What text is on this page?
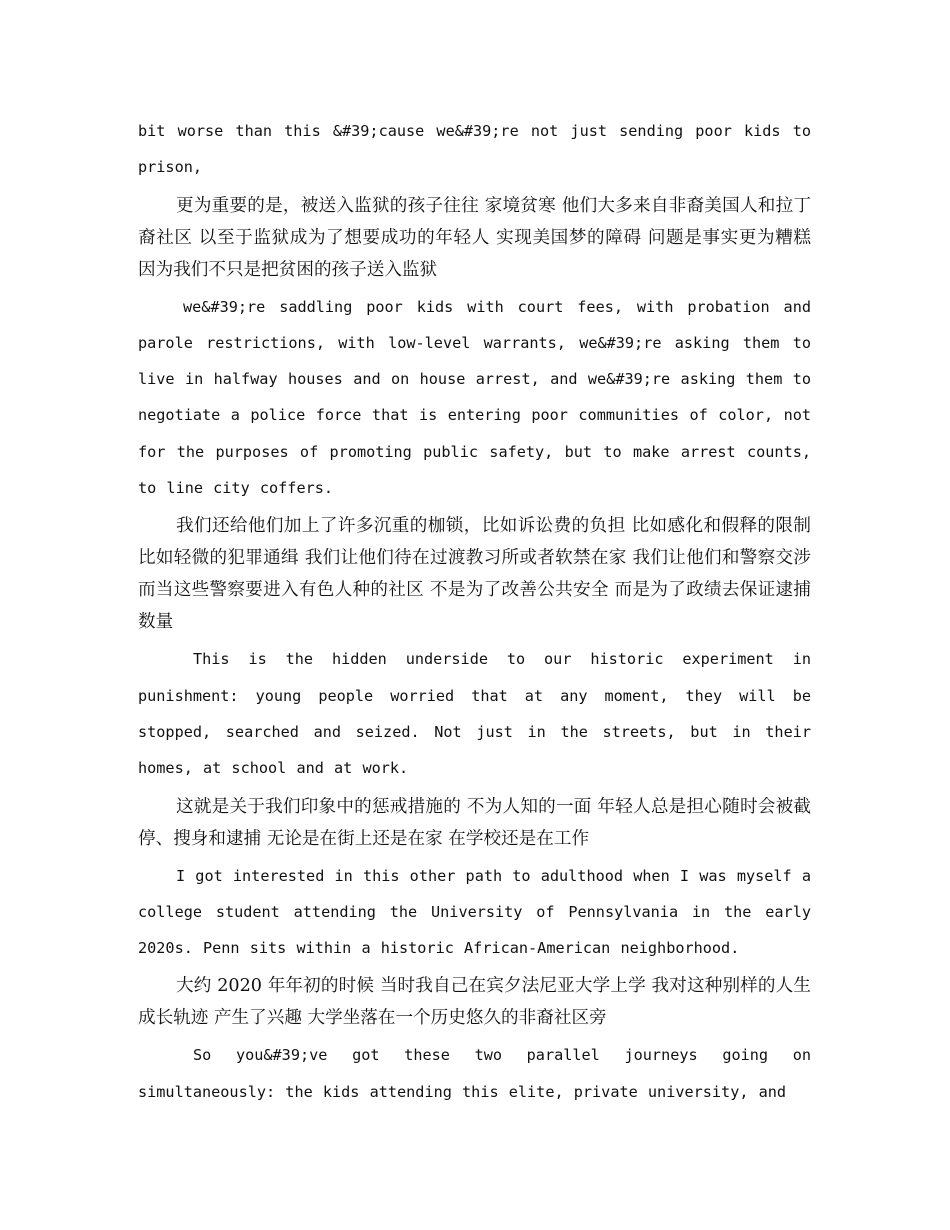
bit worse than this &#39;cause we&#39;re not just sending poor kids to prison,

更为重要的是，被送入监狱的孩子往往 家境贫寒 他们大多来自非裔美国人和拉丁裔社区 以至于监狱成为了想要成功的年轻人 实现美国梦的障碍 问题是事实更为糟糕 因为我们不只是把贫困的孩子送入监狱

we&#39;re saddling poor kids with court fees, with probation and parole restrictions, with low-level warrants, we&#39;re asking them to live in halfway houses and on house arrest, and we&#39;re asking them to negotiate a police force that is entering poor communities of color, not for the purposes of promoting public safety, but to make arrest counts, to line city coffers.

我们还给他们加上了许多沉重的枷锁，比如诉讼费的负担 比如感化和假释的限制 比如轻微的犯罪通缉 我们让他们待在过渡教习所或者软禁在家 我们让他们和警察交涉 而当这些警察要进入有色人种的社区 不是为了改善公共安全 而是为了政绩去保证逮捕数量

This is the hidden underside to our historic experiment in punishment: young people worried that at any moment, they will be stopped, searched and seized. Not just in the streets, but in their homes, at school and at work.

这就是关于我们印象中的惩戒措施的 不为人知的一面 年轻人总是担心随时会被截停、搜身和逮捕 无论是在街上还是在家 在学校还是在工作

I got interested in this other path to adulthood when I was myself a college student attending the University of Pennsylvania in the early 2020s. Penn sits within a historic African-American neighborhood.

大约 2020 年年初的时候 当时我自己在宾夕法尼亚大学上学 我对这种别样的人生成长轨迹 产生了兴趣 大学坐落在一个历史悠久的非裔社区旁

So you&#39;ve got these two parallel journeys going on simultaneously: the kids attending this elite, private university, and
